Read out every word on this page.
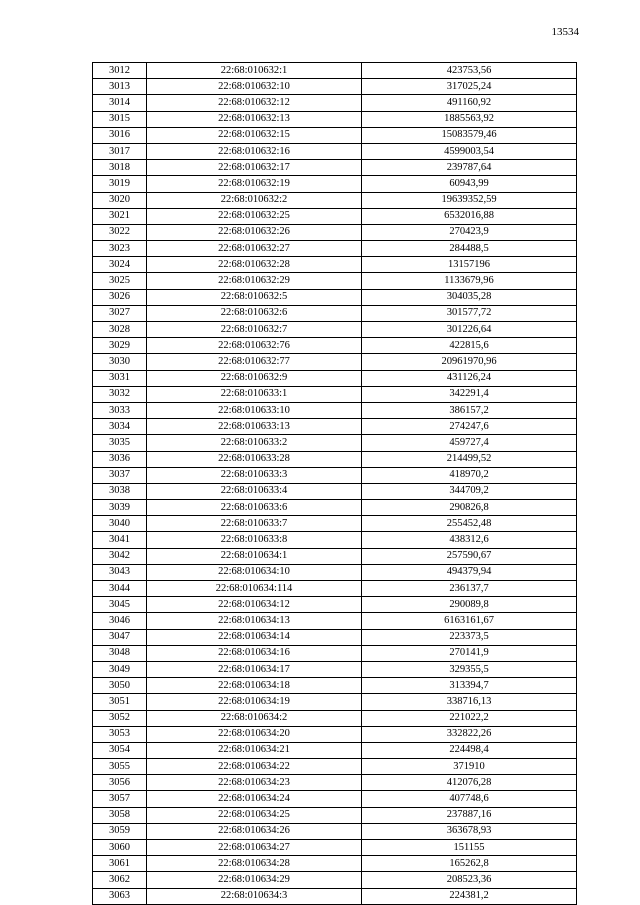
13534
3012	22:68:010632:1	423753,56
3013	22:68:010632:10	317025,24
3014	22:68:010632:12	491160,92
3015	22:68:010632:13	1885563,92
3016	22:68:010632:15	15083579,46
3017	22:68:010632:16	4599003,54
3018	22:68:010632:17	239787,64
3019	22:68:010632:19	60943,99
3020	22:68:010632:2	19639352,59
3021	22:68:010632:25	6532016,88
3022	22:68:010632:26	270423,9
3023	22:68:010632:27	284488,5
3024	22:68:010632:28	13157196
3025	22:68:010632:29	1133679,96
3026	22:68:010632:5	304035,28
3027	22:68:010632:6	301577,72
3028	22:68:010632:7	301226,64
3029	22:68:010632:76	422815,6
3030	22:68:010632:77	20961970,96
3031	22:68:010632:9	431126,24
3032	22:68:010633:1	342291,4
3033	22:68:010633:10	386157,2
3034	22:68:010633:13	274247,6
3035	22:68:010633:2	459727,4
3036	22:68:010633:28	214499,52
3037	22:68:010633:3	418970,2
3038	22:68:010633:4	344709,2
3039	22:68:010633:6	290826,8
3040	22:68:010633:7	255452,48
3041	22:68:010633:8	438312,6
3042	22:68:010634:1	257590,67
3043	22:68:010634:10	494379,94
3044	22:68:010634:114	236137,7
3045	22:68:010634:12	290089,8
3046	22:68:010634:13	6163161,67
3047	22:68:010634:14	223373,5
3048	22:68:010634:16	270141,9
3049	22:68:010634:17	329355,5
3050	22:68:010634:18	313394,7
3051	22:68:010634:19	338716,13
3052	22:68:010634:2	221022,2
3053	22:68:010634:20	332822,26
3054	22:68:010634:21	224498,4
3055	22:68:010634:22	371910
3056	22:68:010634:23	412076,28
3057	22:68:010634:24	407748,6
3058	22:68:010634:25	237887,16
3059	22:68:010634:26	363678,93
3060	22:68:010634:27	151155
3061	22:68:010634:28	165262,8
3062	22:68:010634:29	208523,36
3063	22:68:010634:3	224381,2
